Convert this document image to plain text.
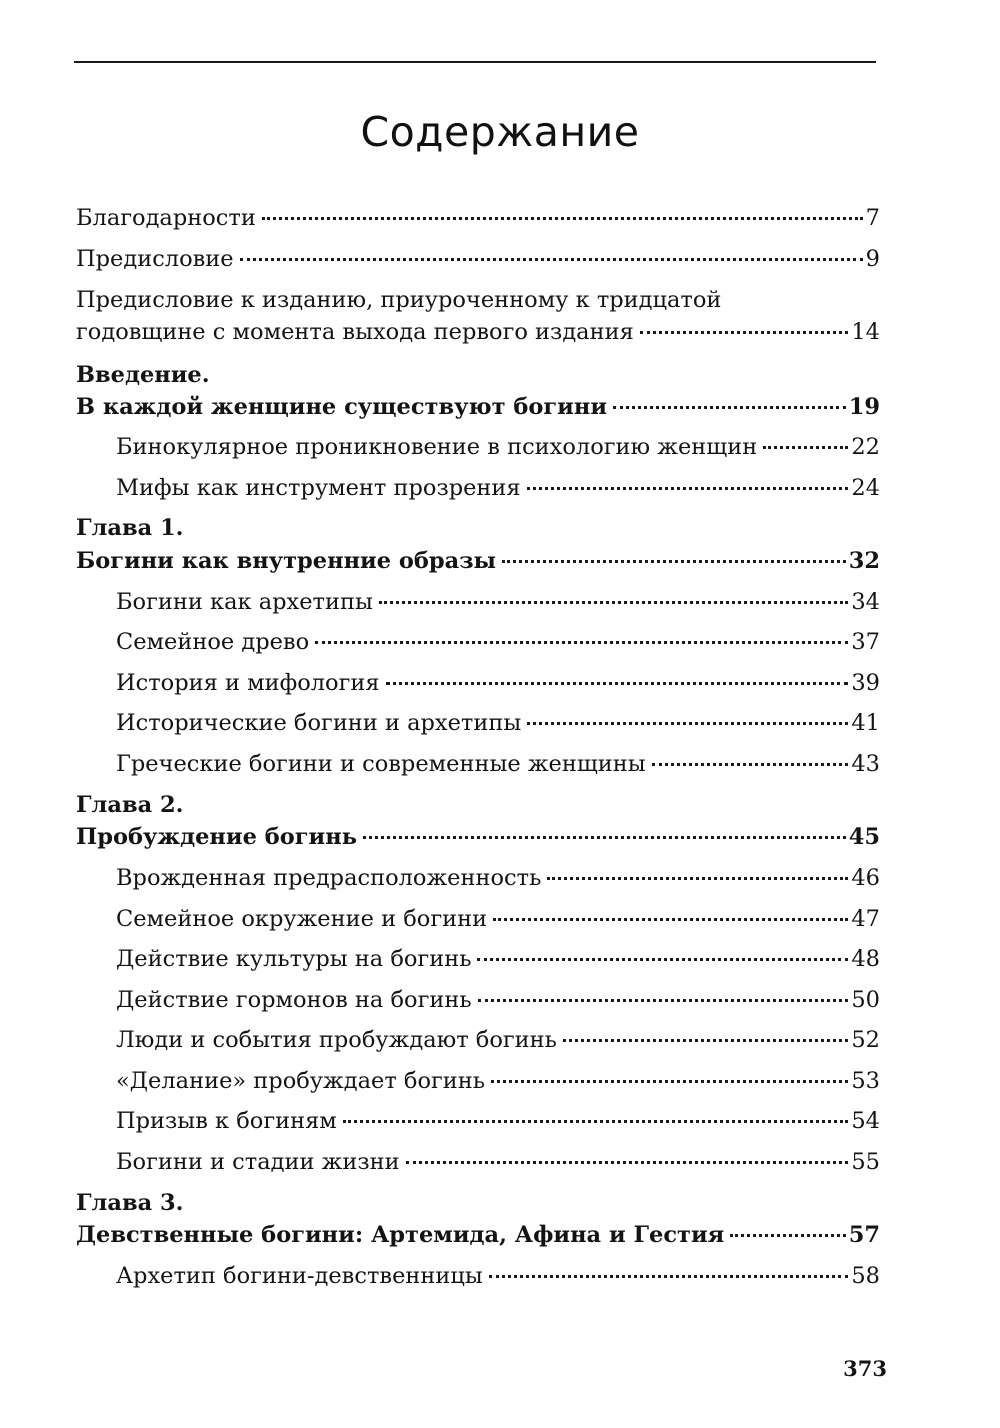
Содержание
Благодарности	7
Предисловие	9
Предисловие к изданию, приуроченному к тридцатой
годовщине с момента выхода первого издания	14
Введение.
В каждой женщине существуют богини	19
Бинокулярное проникновение в психологию женщин	22
Мифы как инструмент прозрения	24
Глава 1.
Богини как внутренние образы	32
Богини как архетипы	34
Семейное древо	37
История и мифология	39
Исторические богини и архетипы	41
Греческие богини и современные женщины	43
Глава 2.
Пробуждение богинь	45
Врожденная предрасположенность	46
Семейное окружение и богини	47
Действие культуры на богинь	48
Действие гормонов на богинь	50
Люди и события пробуждают богинь	52
«Делание» пробуждает богинь	53
Призыв к богиням	54
Богини и стадии жизни	55
Глава 3.
Девственные богини: Артемида, Афина и Гестия	57
Архетип богини-девственницы	58
373
